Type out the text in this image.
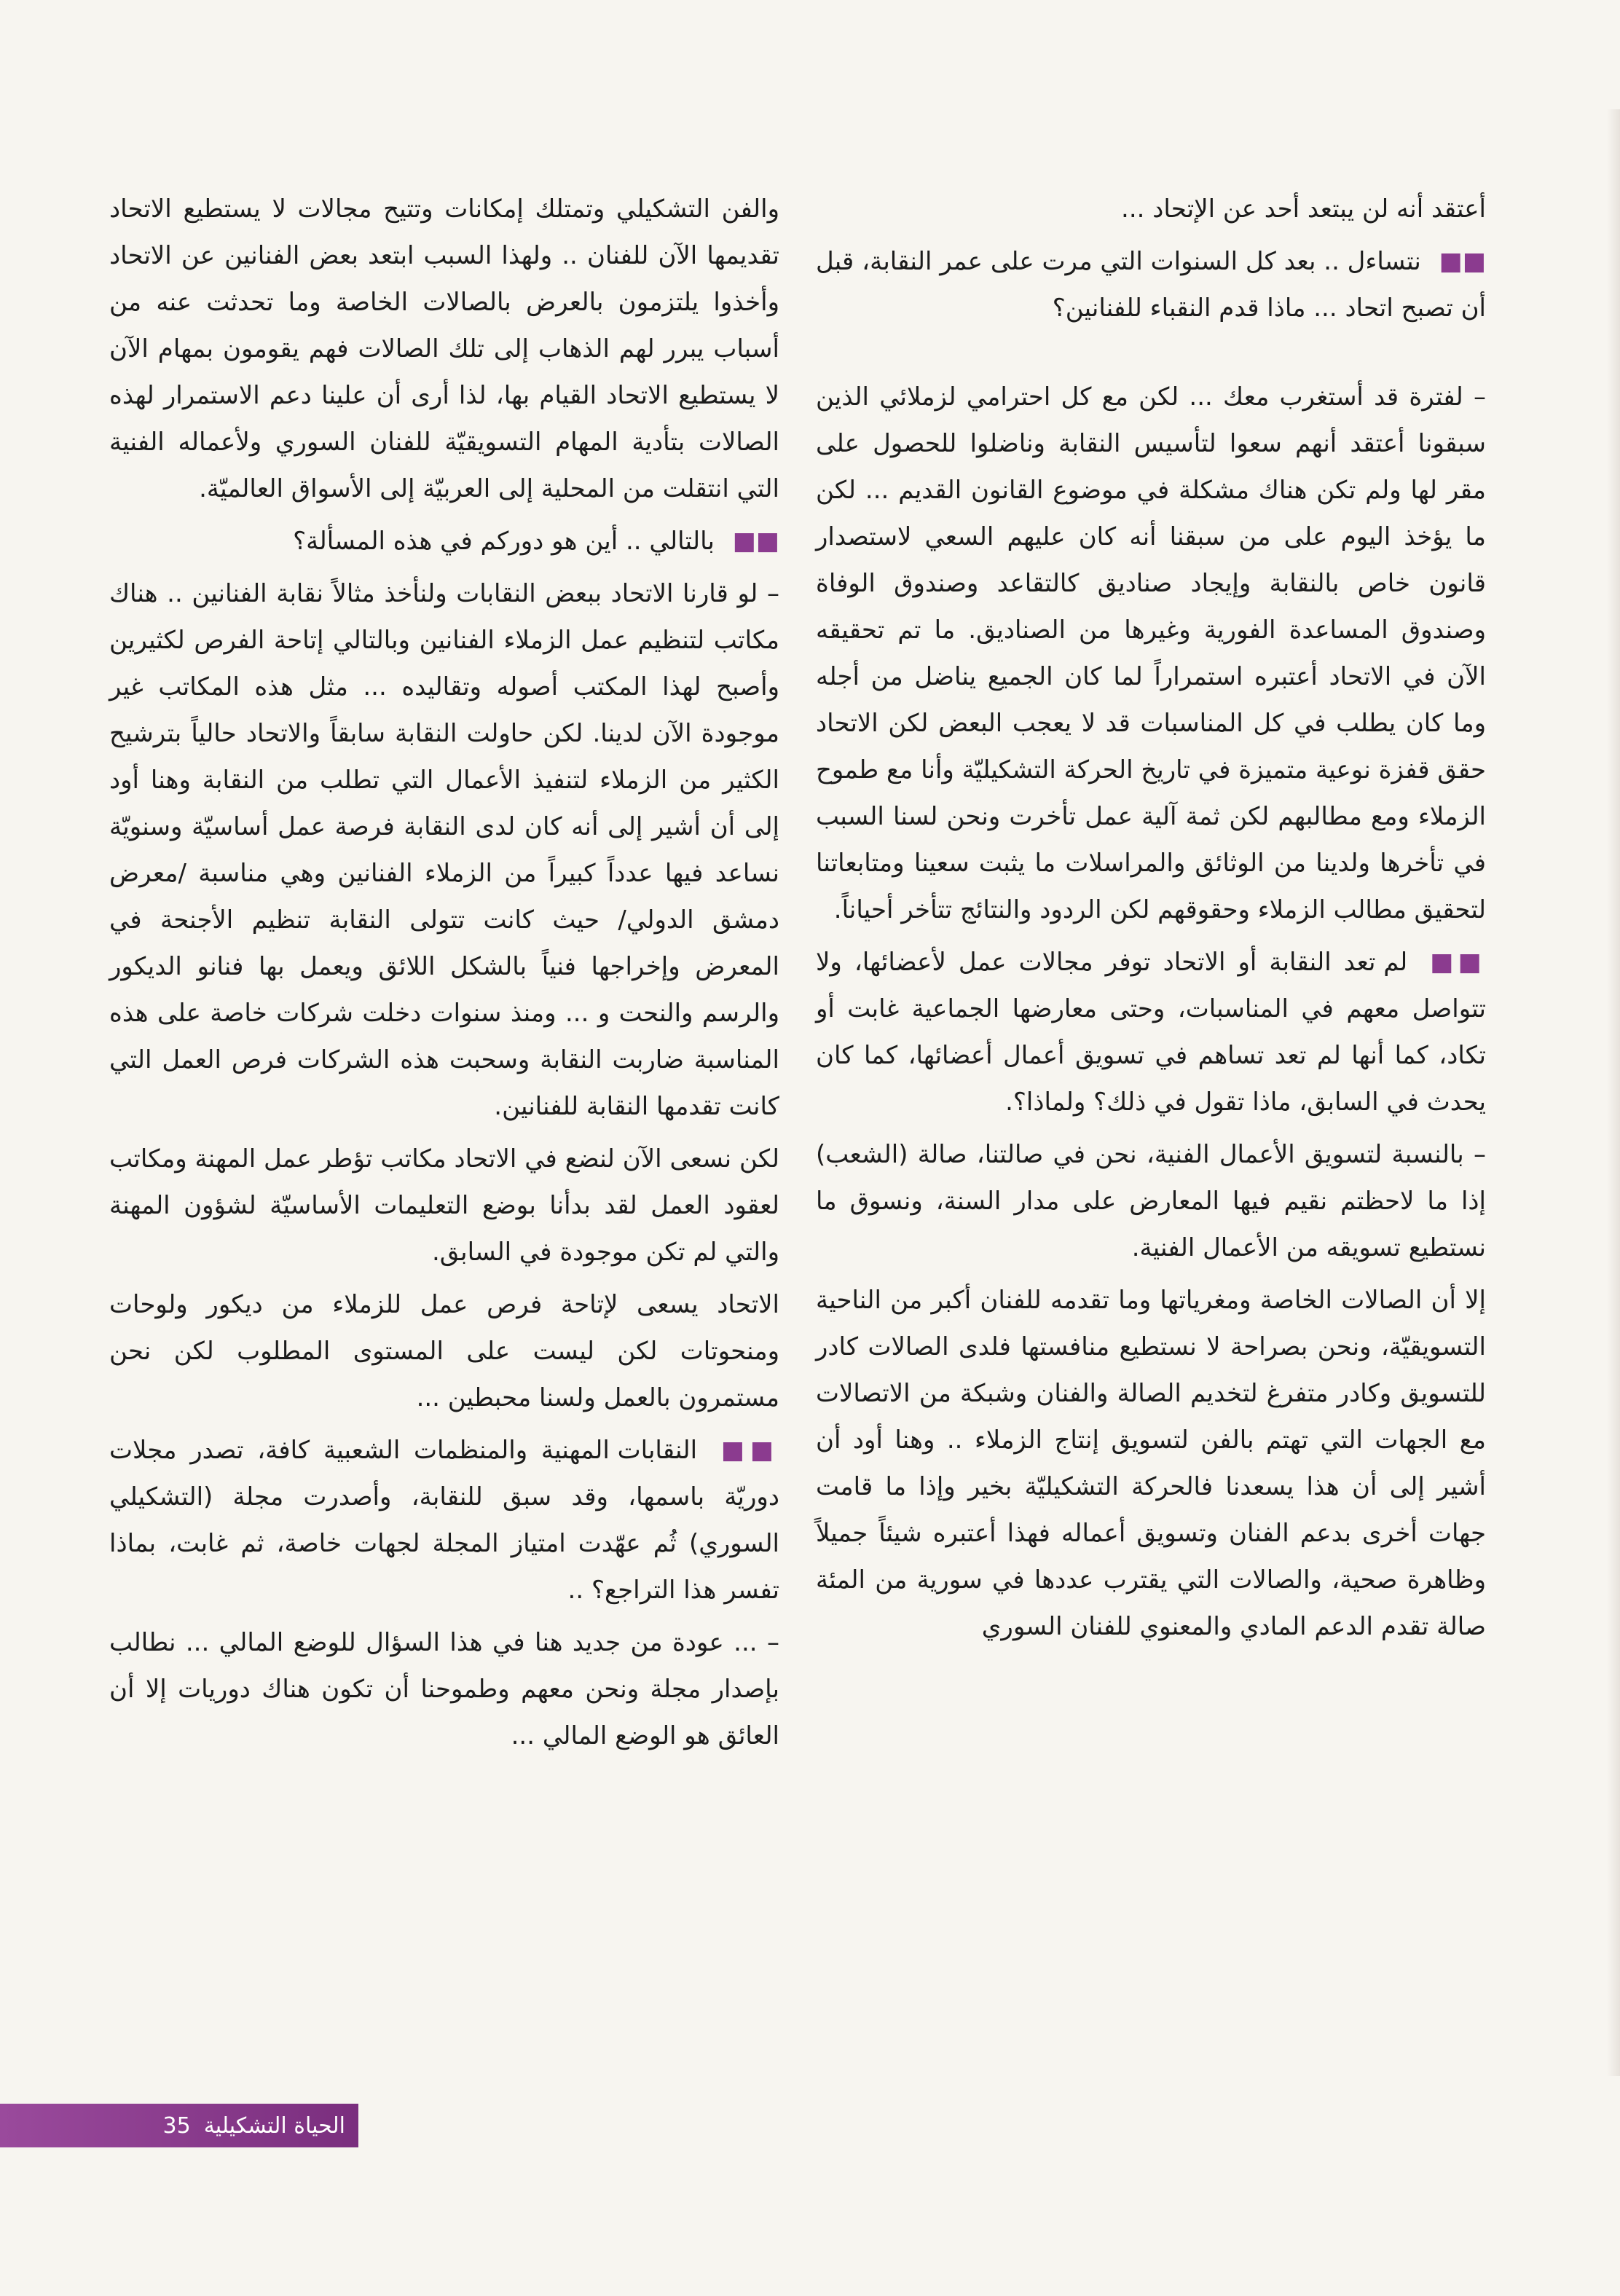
أعتقد أنه لن يبتعد أحد عن الإتحاد ...

■■ نتساءل .. بعد كل السنوات التي مرت على عمر النقابة، قبل أن تصبح اتحاد ... ماذا قدم النقباء للفنانين؟

– لفترة قد أستغرب معك ... لكن مع كل احترامي لزملائي الذين سبقونا أعتقد أنهم سعوا لتأسيس النقابة وناضلوا للحصول على مقر لها ولم تكن هناك مشكلة في موضوع القانون القديم ... لكن ما يؤخذ اليوم على من سبقنا أنه كان عليهم السعي لاستصدار قانون خاص بالنقابة وإيجاد صناديق كالتقاعد وصندوق الوفاة وصندوق المساعدة الفورية وغيرها من الصناديق. ما تم تحقيقه الآن في الاتحاد أعتبره استمراراً لما كان الجميع يناضل من أجله وما كان يطلب في كل المناسبات قد لا يعجب البعض لكن الاتحاد حقق قفزة نوعية متميزة في تاريخ الحركة التشكيليّة وأنا مع طموح الزملاء ومع مطالبهم لكن ثمة آلية عمل تأخرت ونحن لسنا السبب في تأخرها ولدينا من الوثائق والمراسلات ما يثبت سعينا ومتابعاتنا لتحقيق مطالب الزملاء وحقوقهم لكن الردود والنتائج تتأخر أحياناً.

■■ لم تعد النقابة أو الاتحاد توفر مجالات عمل لأعضائها، ولا تتواصل معهم في المناسبات، وحتى معارضها الجماعية غابت أو تكاد، كما أنها لم تعد تساهم في تسويق أعمال أعضائها، كما كان يحدث في السابق، ماذا تقول في ذلك؟ ولماذا؟.

– بالنسبة لتسويق الأعمال الفنية، نحن في صالتنا، صالة (الشعب) إذا ما لاحظتم نقيم فيها المعارض على مدار السنة، ونسوق ما نستطيع تسويقه من الأعمال الفنية.

إلا أن الصالات الخاصة ومغرياتها وما تقدمه للفنان أكبر من الناحية التسويقيّة، ونحن بصراحة لا نستطيع منافستها فلدى الصالات كادر للتسويق وكادر متفرغ لتخديم الصالة والفنان وشبكة من الاتصالات مع الجهات التي تهتم بالفن لتسويق إنتاج الزملاء .. وهنا أود أن أشير إلى أن هذا يسعدنا فالحركة التشكيليّة بخير وإذا ما قامت جهات أخرى بدعم الفنان وتسويق أعماله فهذا أعتبره شيئاً جميلاً وظاهرة صحية، والصالات التي يقترب عددها في سورية من المئة صالة تقدم الدعم المادي والمعنوي للفنان السوري

والفن التشكيلي وتمتلك إمكانات وتتيح مجالات لا يستطيع الاتحاد تقديمها الآن للفنان .. ولهذا السبب ابتعد بعض الفنانين عن الاتحاد وأخذوا يلتزمون بالعرض بالصالات الخاصة وما تحدثت عنه من أسباب يبرر لهم الذهاب إلى تلك الصالات فهم يقومون بمهام الآن لا يستطيع الاتحاد القيام بها، لذا أرى أن علينا دعم الاستمرار لهذه الصالات بتأدية المهام التسويقيّة للفنان السوري ولأعماله الفنية التي انتقلت من المحلية إلى العربيّة إلى الأسواق العالميّة.

■■ بالتالي .. أين هو دوركم في هذه المسألة؟

– لو قارنا الاتحاد ببعض النقابات ولنأخذ مثالاً نقابة الفنانين .. هناك مكاتب لتنظيم عمل الزملاء الفنانين وبالتالي إتاحة الفرص لكثيرين وأصبح لهذا المكتب أصوله وتقاليده ... مثل هذه المكاتب غير موجودة الآن لدينا. لكن حاولت النقابة سابقاً والاتحاد حالياً بترشيح الكثير من الزملاء لتنفيذ الأعمال التي تطلب من النقابة وهنا أود إلى أن أشير إلى أنه كان لدى النقابة فرصة عمل أساسيّة وسنويّة نساعد فيها عدداً كبيراً من الزملاء الفنانين وهي مناسبة /معرض دمشق الدولي/ حيث كانت تتولى النقابة تنظيم الأجنحة في المعرض وإخراجها فنياً بالشكل اللائق ويعمل بها فنانو الديكور والرسم والنحت و ... ومنذ سنوات دخلت شركات خاصة على هذه المناسبة ضاربت النقابة وسحبت هذه الشركات فرص العمل التي كانت تقدمها النقابة للفنانين.

لكن نسعى الآن لنضع في الاتحاد مكاتب تؤطر عمل المهنة ومكاتب لعقود العمل لقد بدأنا بوضع التعليمات الأساسيّة لشؤون المهنة والتي لم تكن موجودة في السابق.

الاتحاد يسعى لإتاحة فرص عمل للزملاء من ديكور ولوحات ومنحوتات لكن ليست على المستوى المطلوب لكن نحن مستمرون بالعمل ولسنا محبطين ...

■■ النقابات المهنية والمنظمات الشعبية كافة، تصدر مجلات دوريّة باسمها، وقد سبق للنقابة، وأصدرت مجلة (التشكيلي السوري) ثُم عهّدت امتياز المجلة لجهات خاصة، ثم غابت، بماذا تفسر هذا التراجع؟ ..

– ... عودة من جديد هنا في هذا السؤال للوضع المالي ... نطالب بإصدار مجلة ونحن معهم وطموحنا أن تكون هناك دوريات إلا أن العائق هو الوضع المالي ...

الحياة التشكيلية
35
